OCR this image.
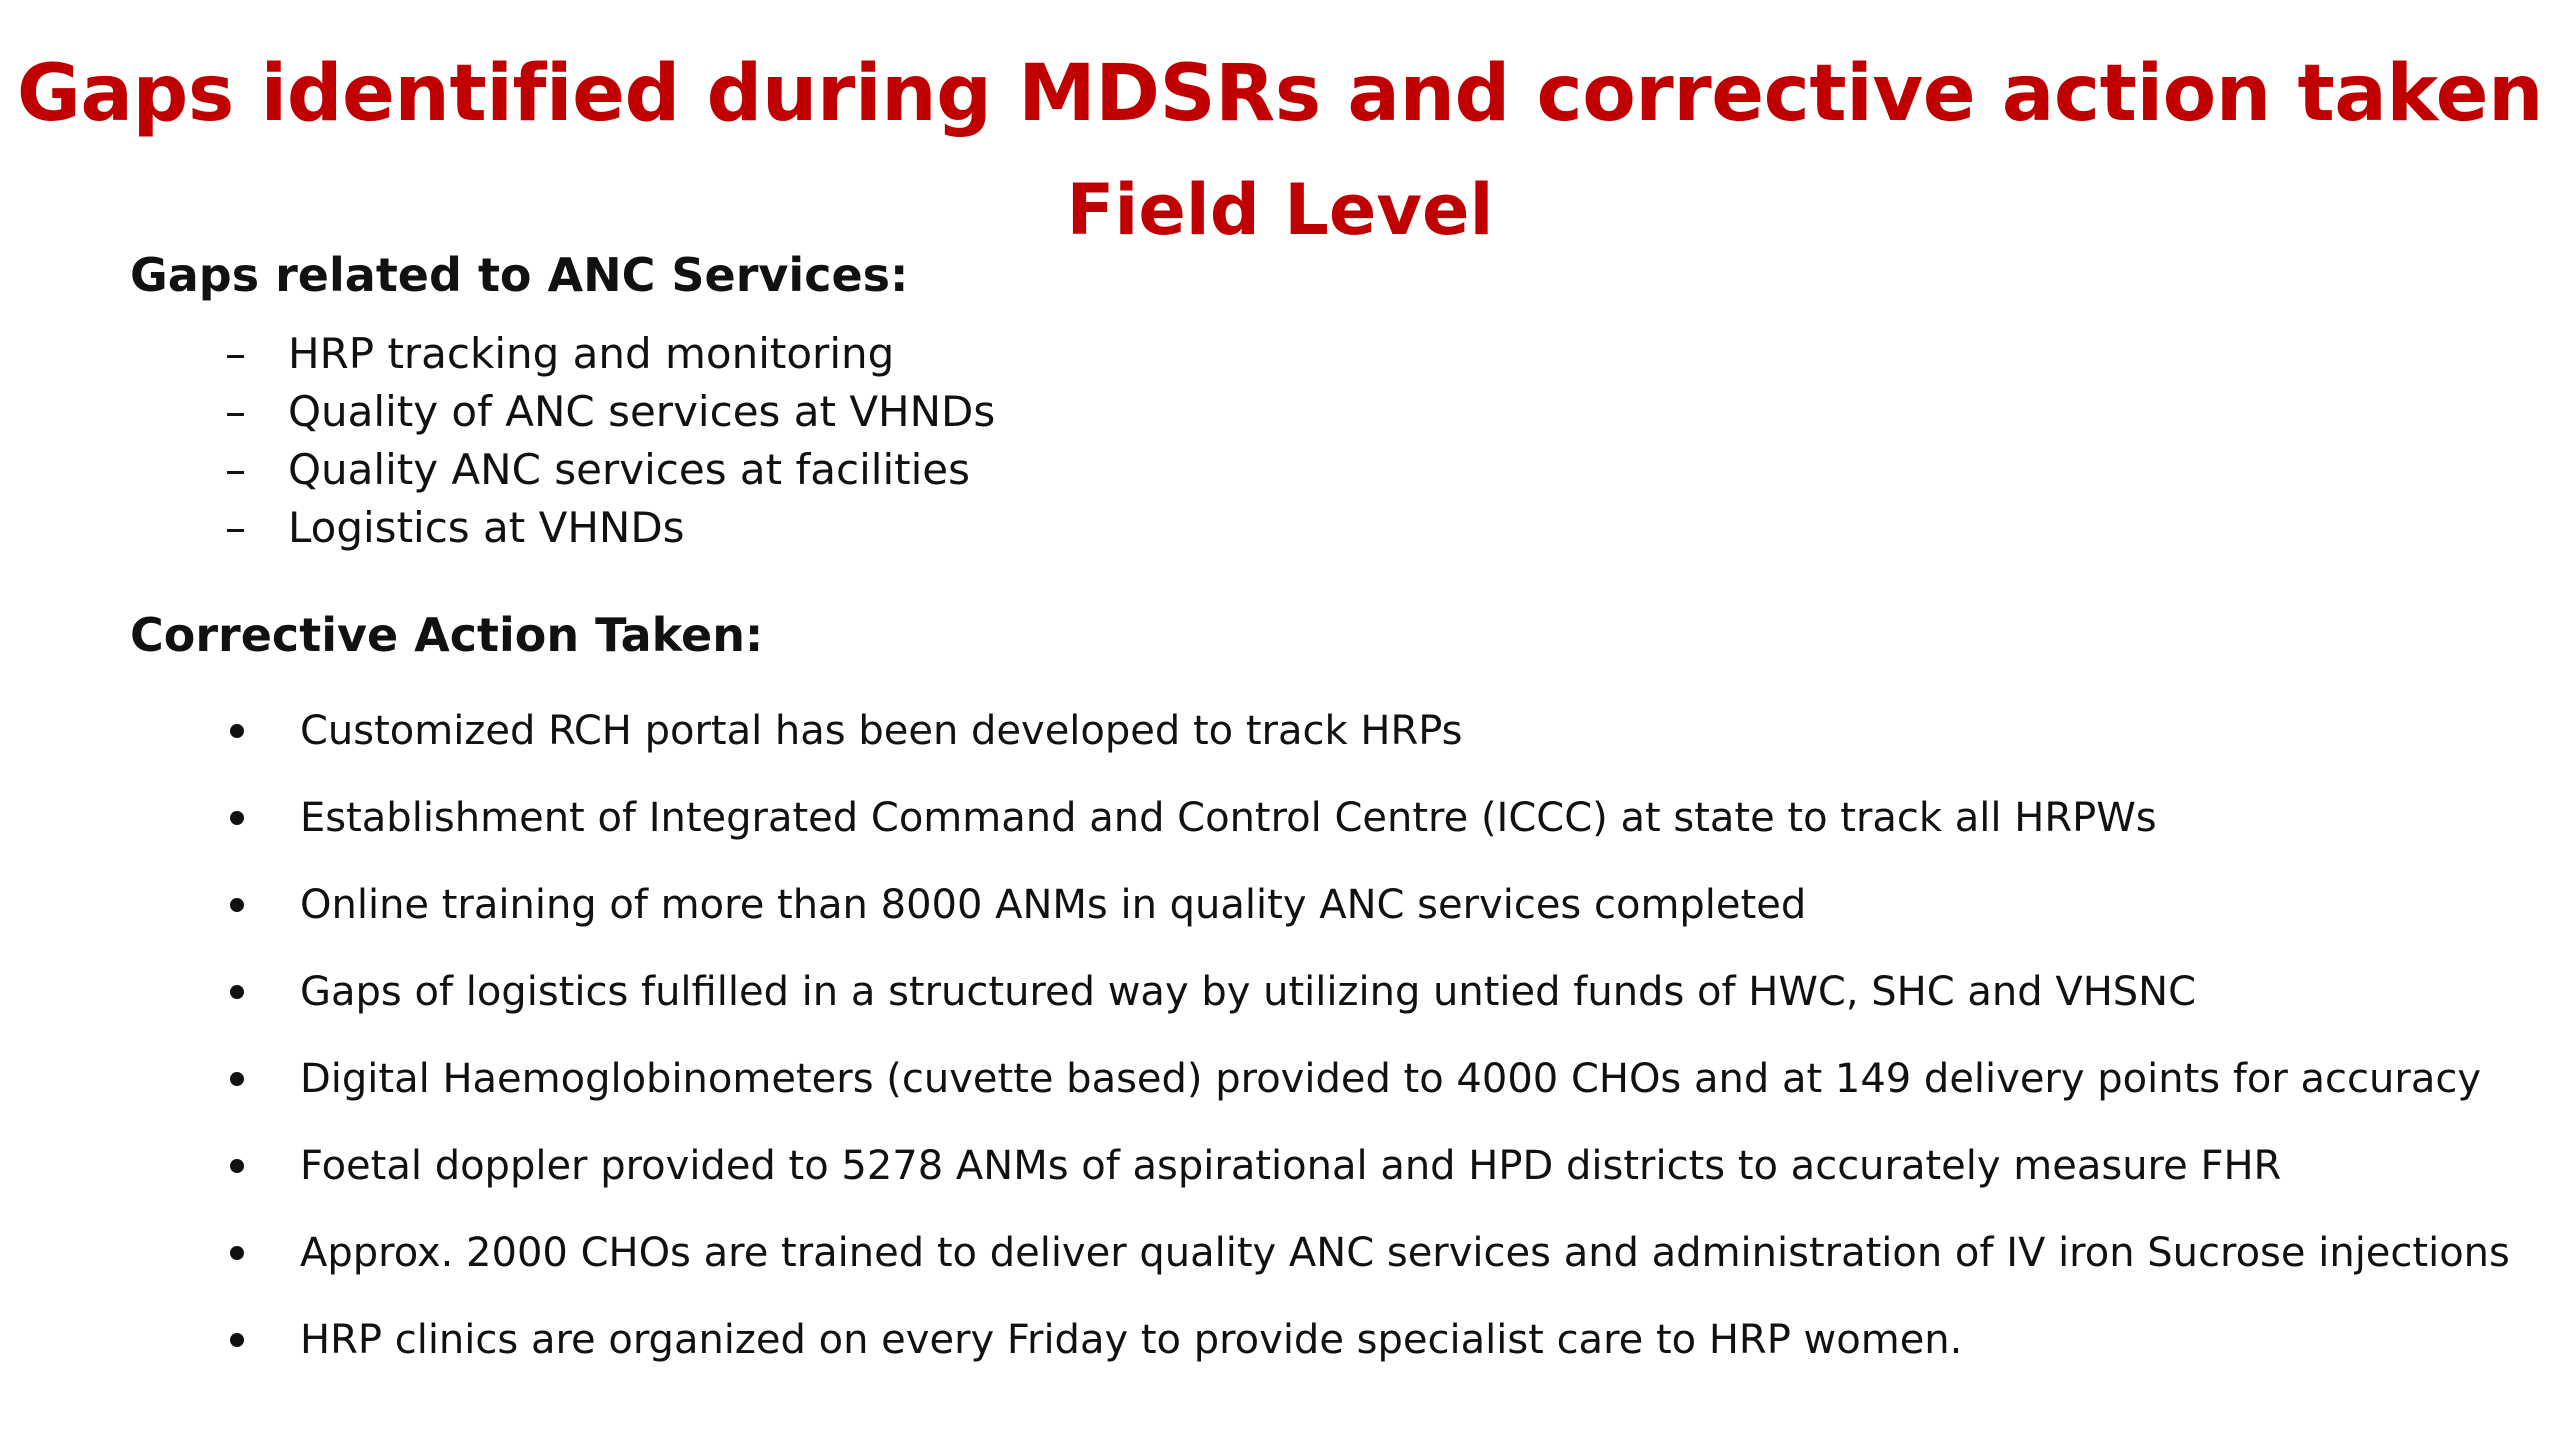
Gaps identified during MDSRs and corrective action taken
Field Level
Gaps related to ANC Services:
–	HRP tracking and monitoring
–	Quality of ANC services at VHNDs
–	Quality ANC services at facilities
–	Logistics at VHNDs
Corrective Action Taken:
Customized RCH portal has been developed to track HRPs
Establishment of Integrated Command and Control Centre (ICCC) at state to track all HRPWs
Online training of more than 8000 ANMs in quality ANC services completed
Gaps of logistics fulfilled in a structured way by utilizing untied funds of HWC, SHC and VHSNC
Digital Haemoglobinometers (cuvette based) provided to 4000 CHOs and at 149 delivery points for accuracy
Foetal doppler provided to 5278 ANMs of aspirational and HPD districts to accurately measure FHR
Approx. 2000 CHOs are trained to deliver quality ANC services and administration of IV iron Sucrose injections
HRP clinics are organized on every Friday to provide specialist care to HRP women.
